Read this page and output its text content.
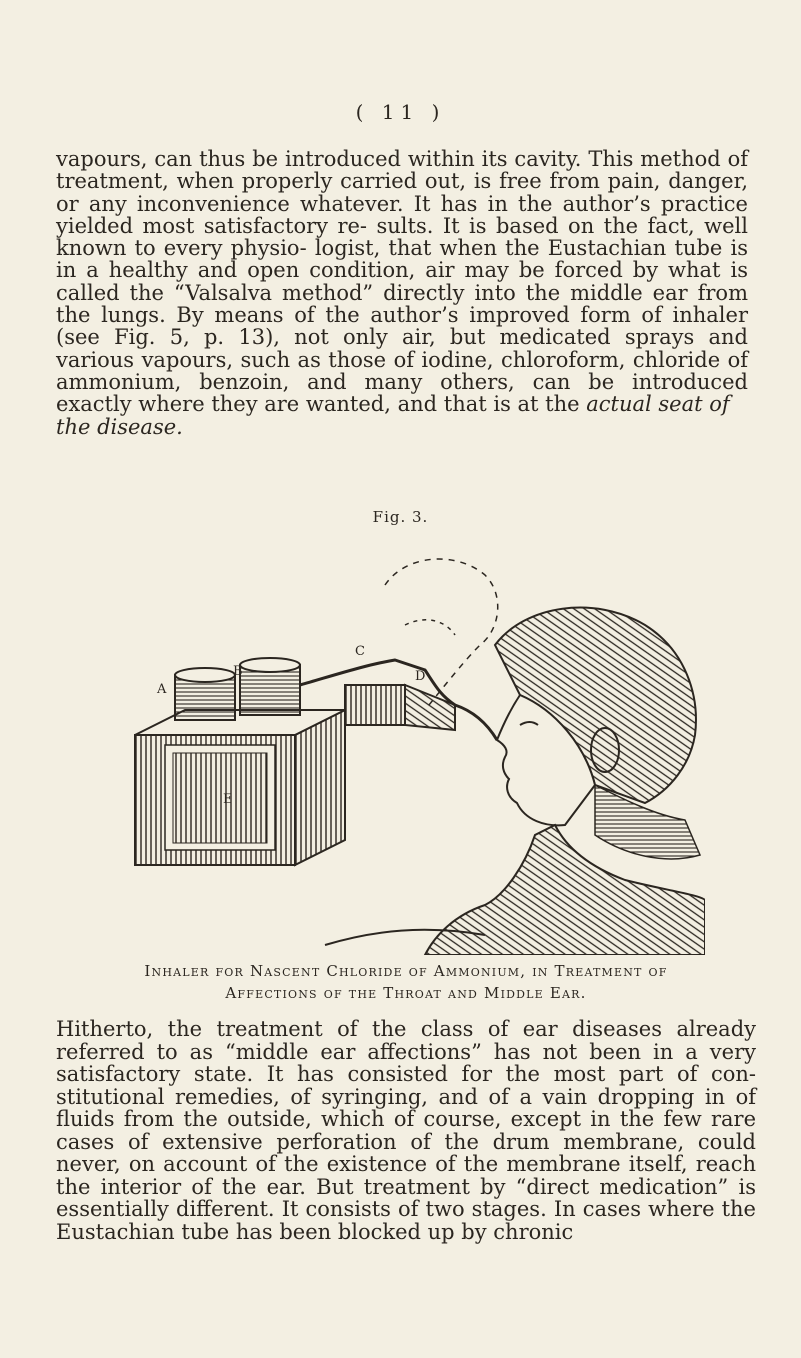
( 11 )

vapours, can thus be introduced within its cavity. This method of treatment, when properly carried out, is free from pain, danger, or any inconvenience whatever. It has in the author’s practice yielded most satisfactory re- sults. It is based on the fact, well known to every physio- logist, that when the Eustachian tube is in a healthy and open condition, air may be forced by what is called the “Valsalva method” directly into the middle ear from the lungs. By means of the author’s improved form of inhaler (see Fig. 5, p. 13), not only air, but medicated sprays and various vapours, such as those of iodine, chloroform, chloride of ammonium, benzoin, and many others, can be introduced exactly where they are wanted, and that is at the actual seat of
the disease.

Fig. 3.
A
B
C
D
E
Inhaler for Nascent Chloride of Ammonium, in Treatment of
Affections of the Throat and Middle Ear.

Hitherto, the treatment of the class of ear diseases already referred to as “middle ear affections” has not been in a very satisfactory state. It has consisted for the most part of con- stitutional remedies, of syringing, and of a vain dropping in of fluids from the outside, which of course, except in the few rare cases of extensive perforation of the drum membrane, could never, on account of the existence of the membrane itself, reach the interior of the ear. But treatment by “direct medication” is essentially different. It consists of two stages. In cases where the Eustachian tube has been blocked up by chronic
